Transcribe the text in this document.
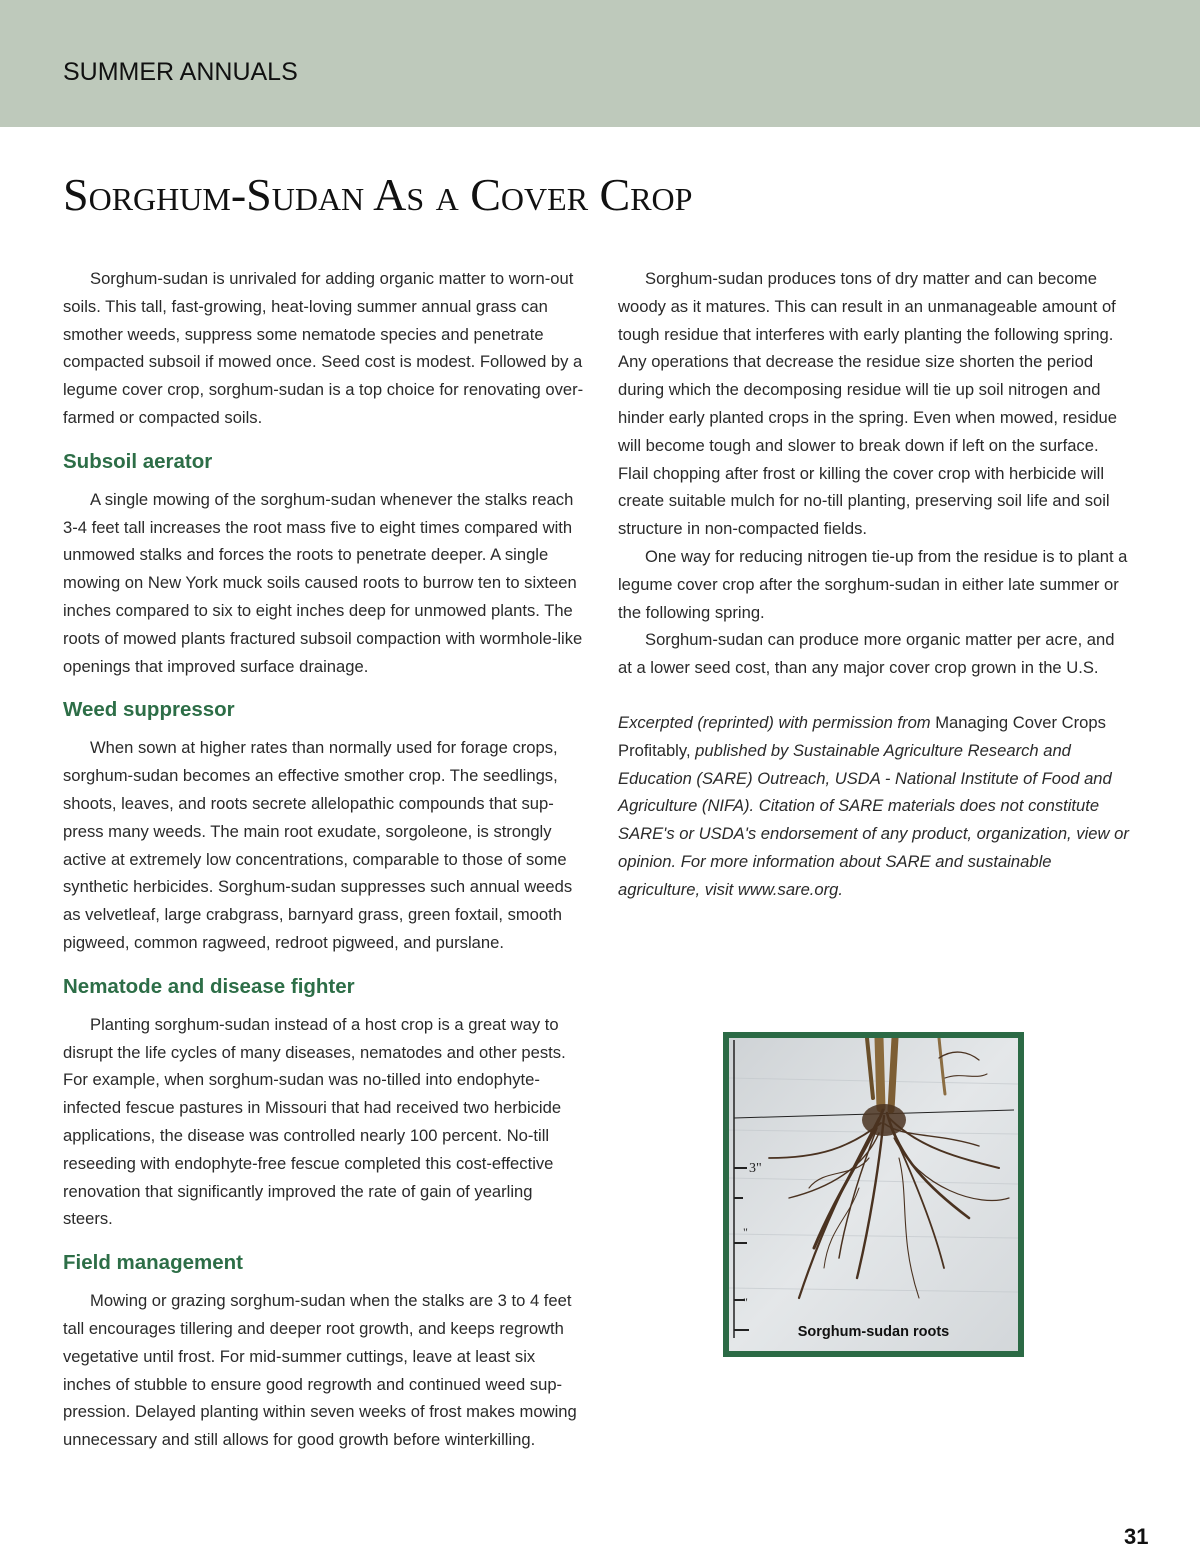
SUMMER ANNUALS
Sorghum-Sudan As a Cover Crop

Sorghum-sudan is unrivaled for adding organic matter to worn-out soils. This tall, fast-growing, heat-loving summer annual grass can smother weeds, suppress some nematode species and penetrate compacted subsoil if mowed once. Seed cost is modest. Followed by a legume cover crop, sorghum-sudan is a top choice for renovating over-farmed or compacted soils.

Subsoil aerator

A single mowing of the sorghum-sudan whenever the stalks reach 3-4 feet tall increases the root mass five to eight times compared with unmowed stalks and forces the roots to penetrate deeper. A single mowing on New York muck soils caused roots to burrow ten to sixteen inches compared to six to eight inches deep for unmowed plants. The roots of mowed plants fractured subsoil compaction with wormhole-like openings that improved surface drainage.

Weed suppressor

When sown at higher rates than normally used for forage crops, sorghum-sudan becomes an effective smother crop. The seedlings, shoots, leaves, and roots secrete allelopathic compounds that sup-press many weeds. The main root exudate, sorgoleone, is strongly active at extremely low concentrations, comparable to those of some synthetic herbicides. Sorghum-sudan suppresses such annual weeds as velvetleaf, large crabgrass, barnyard grass, green foxtail, smooth pigweed, common ragweed, redroot pigweed, and purslane.

Nematode and disease fighter

Planting sorghum-sudan instead of a host crop is a great way to disrupt the life cycles of many diseases, nematodes and other pests. For example, when sorghum-sudan was no-tilled into endophyte-infected fescue pastures in Missouri that had received two herbicide applications, the disease was controlled nearly 100 percent. No-till reseeding with endophyte-free fescue completed this cost-effective renovation that significantly improved the rate of gain of yearling steers.

Field management

Mowing or grazing sorghum-sudan when the stalks are 3 to 4 feet tall encourages tillering and deeper root growth, and keeps regrowth vegetative until frost. For mid-summer cuttings, leave at least six inches of stubble to ensure good regrowth and continued weed sup-pression. Delayed planting within seven weeks of frost makes mowing unnecessary and still allows for good growth before winterkilling.

Sorghum-sudan produces tons of dry matter and can become woody as it matures. This can result in an unmanageable amount of tough residue that interferes with early planting the following spring. Any operations that decrease the residue size shorten the period during which the decomposing residue will tie up soil nitrogen and hinder early planted crops in the spring. Even when mowed, residue will become tough and slower to break down if left on the surface. Flail chopping after frost or killing the cover crop with herbicide will create suitable mulch for no-till planting, preserving soil life and soil structure in non-compacted fields.

One way for reducing nitrogen tie-up from the residue is to plant a legume cover crop after the sorghum-sudan in either late summer or the following spring.

Sorghum-sudan can produce more organic matter per acre, and at a lower seed cost, than any major cover crop grown in the U.S.

Excerpted (reprinted) with permission from Managing Cover Crops Profitably, published by Sustainable Agriculture Research and Education (SARE) Outreach, USDA - National Institute of Food and Agriculture (NIFA). Citation of SARE materials does not constitute SARE's or USDA's endorsement of any product, organization, view or opinion. For more information about SARE and sustainable agriculture, visit www.sare.org.

3"
"
"
Sorghum-sudan roots
31
